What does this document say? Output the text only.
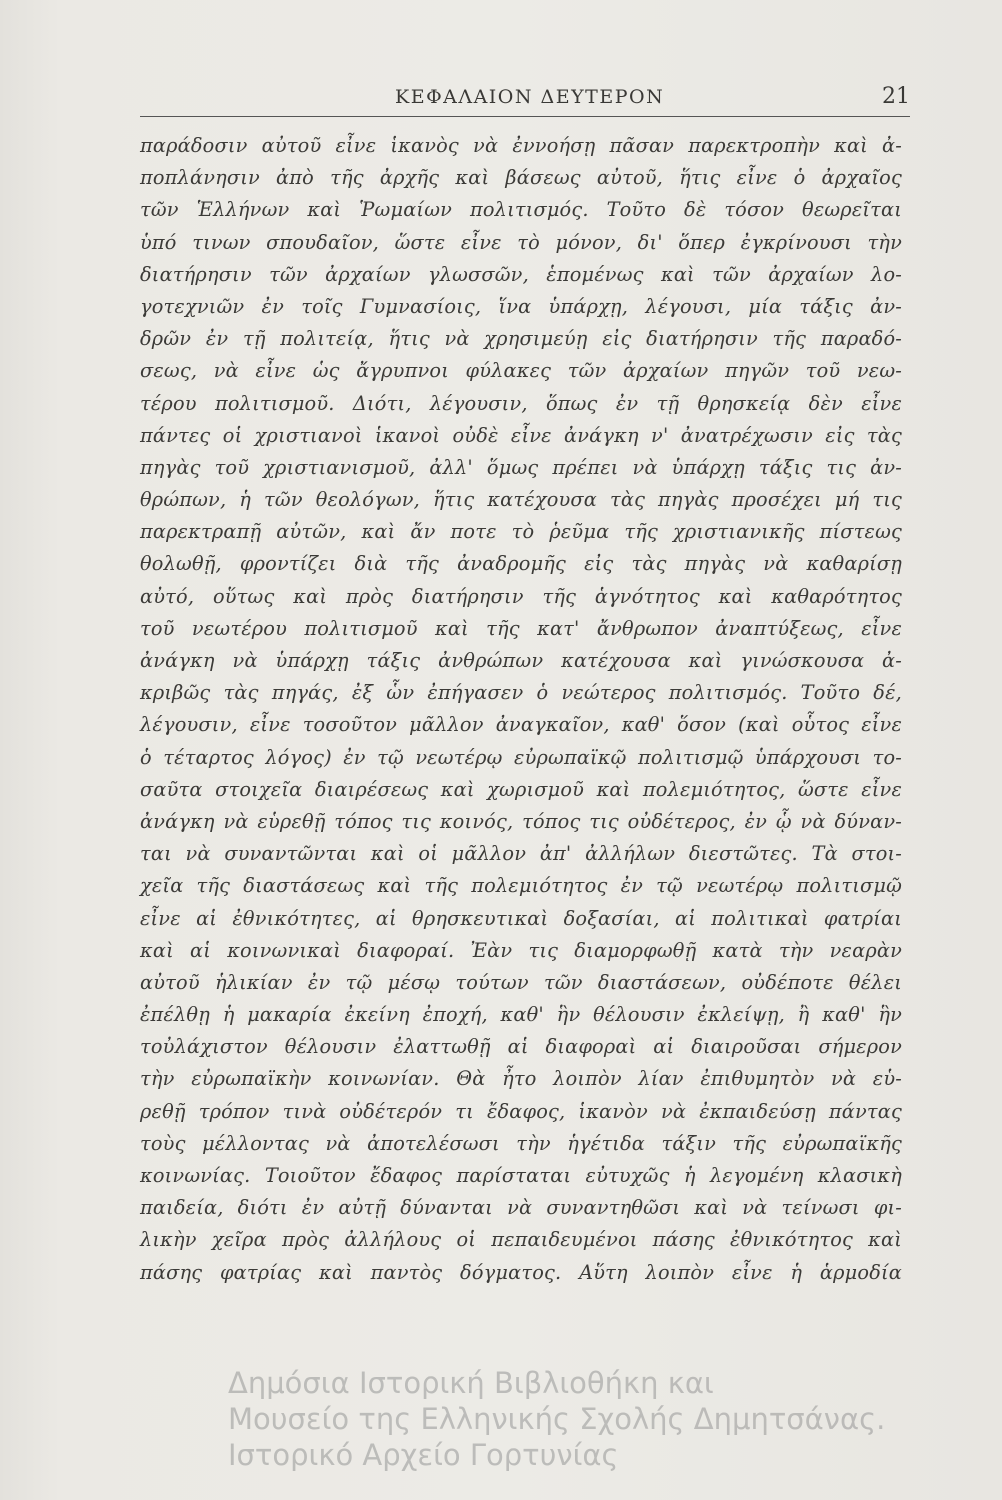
ΚΕΦΑΛΑΙΟΝ ΔΕΥΤΕΡΟΝ	21
παράδοσιν αὐτοῦ εἶνε ἱκανὸς νὰ ἐννοήσῃ πᾶσαν παρεκτροπὴν καὶ ἀ-
ποπλάνησιν ἀπὸ τῆς ἀρχῆς καὶ βάσεως αὐτοῦ, ἥτις εἶνε ὁ ἀρχαῖος
τῶν Ἑλλήνων καὶ Ῥωμαίων πολιτισμός. Τοῦτο δὲ τόσον θεωρεῖται
ὑπό τινων σπουδαῖον, ὥστε εἶνε τὸ μόνον, δι' ὅπερ ἐγκρίνουσι τὴν
διατήρησιν τῶν ἀρχαίων γλωσσῶν, ἑπομένως καὶ τῶν ἀρχαίων λο-
γοτεχνιῶν ἐν τοῖς Γυμνασίοις, ἵνα ὑπάρχῃ, λέγουσι, μία τάξις ἀν-
δρῶν ἐν τῇ πολιτείᾳ, ἥτις νὰ χρησιμεύῃ εἰς διατήρησιν τῆς παραδό-
σεως, νὰ εἶνε ὡς ἄγρυπνοι φύλακες τῶν ἀρχαίων πηγῶν τοῦ νεω-
τέρου πολιτισμοῦ. Διότι, λέγουσιν, ὅπως ἐν τῇ θρησκείᾳ δὲν εἶνε
πάντες οἱ χριστιανοὶ ἱκανοὶ οὐδὲ εἶνε ἀνάγκη ν' ἀνατρέχωσιν εἰς τὰς
πηγὰς τοῦ χριστιανισμοῦ, ἀλλ' ὅμως πρέπει νὰ ὑπάρχῃ τάξις τις ἀν-
θρώπων, ἡ τῶν θεολόγων, ἥτις κατέχουσα τὰς πηγὰς προσέχει μή τις
παρεκτραπῇ αὐτῶν, καὶ ἄν ποτε τὸ ῥεῦμα τῆς χριστιανικῆς πίστεως
θολωθῇ, φροντίζει διὰ τῆς ἀναδρομῆς εἰς τὰς πηγὰς νὰ καθαρίσῃ
αὐτό, οὕτως καὶ πρὸς διατήρησιν τῆς ἁγνότητος καὶ καθαρότητος
τοῦ νεωτέρου πολιτισμοῦ καὶ τῆς κατ' ἄνθρωπον ἀναπτύξεως, εἶνε
ἀνάγκη νὰ ὑπάρχῃ τάξις ἀνθρώπων κατέχουσα καὶ γινώσκουσα ἀ-
κριβῶς τὰς πηγάς, ἐξ ὧν ἐπήγασεν ὁ νεώτερος πολιτισμός. Τοῦτο δέ,
λέγουσιν, εἶνε τοσοῦτον μᾶλλον ἀναγκαῖον, καθ' ὅσον (καὶ οὗτος εἶνε
ὁ τέταρτος λόγος) ἐν τῷ νεωτέρῳ εὐρωπαϊκῷ πολιτισμῷ ὑπάρχουσι το-
σαῦτα στοιχεῖα διαιρέσεως καὶ χωρισμοῦ καὶ πολεμιότητος, ὥστε εἶνε
ἀνάγκη νὰ εὑρεθῇ τόπος τις κοινός, τόπος τις οὐδέτερος, ἐν ᾧ νὰ δύναν-
ται νὰ συναντῶνται καὶ οἱ μᾶλλον ἀπ' ἀλλήλων διεστῶτες. Τὰ στοι-
χεῖα τῆς διαστάσεως καὶ τῆς πολεμιότητος ἐν τῷ νεωτέρῳ πολιτισμῷ
εἶνε αἱ ἐθνικότητες, αἱ θρησκευτικαὶ δοξασίαι, αἱ πολιτικαὶ φατρίαι
καὶ αἱ κοινωνικαὶ διαφοραί. Ἐὰν τις διαμορφωθῇ κατὰ τὴν νεαρὰν
αὐτοῦ ἡλικίαν ἐν τῷ μέσῳ τούτων τῶν διαστάσεων, οὐδέποτε θέλει
ἐπέλθῃ ἡ μακαρία ἐκείνη ἐποχή, καθ' ἣν θέλουσιν ἐκλείψῃ, ἢ καθ' ἣν
τοὐλάχιστον θέλουσιν ἐλαττωθῇ αἱ διαφοραὶ αἱ διαιροῦσαι σήμερον
τὴν εὐρωπαϊκὴν κοινωνίαν. Θὰ ἦτο λοιπὸν λίαν ἐπιθυμητὸν νὰ εὑ-
ρεθῇ τρόπον τινὰ οὐδέτερόν τι ἔδαφος, ἱκανὸν νὰ ἐκπαιδεύσῃ πάντας
τοὺς μέλλοντας νὰ ἀποτελέσωσι τὴν ἡγέτιδα τάξιν τῆς εὐρωπαϊκῆς
κοινωνίας. Τοιοῦτον ἔδαφος παρίσταται εὐτυχῶς ἡ λεγομένη κλασικὴ
παιδεία, διότι ἐν αὐτῇ δύνανται νὰ συναντηθῶσι καὶ νὰ τείνωσι φι-
λικὴν χεῖρα πρὸς ἀλλήλους οἱ πεπαιδευμένοι πάσης ἐθνικότητος καὶ
πάσης φατρίας καὶ παντὸς δόγματος. Αὕτη λοιπὸν εἶνε ἡ ἁρμοδία
Δημόσια Ιστορική Βιβλιοθήκη και
Μουσείο της Ελληνικής Σχολής Δημητσάνας.
Ιστορικό Αρχείο Γορτυνίας
